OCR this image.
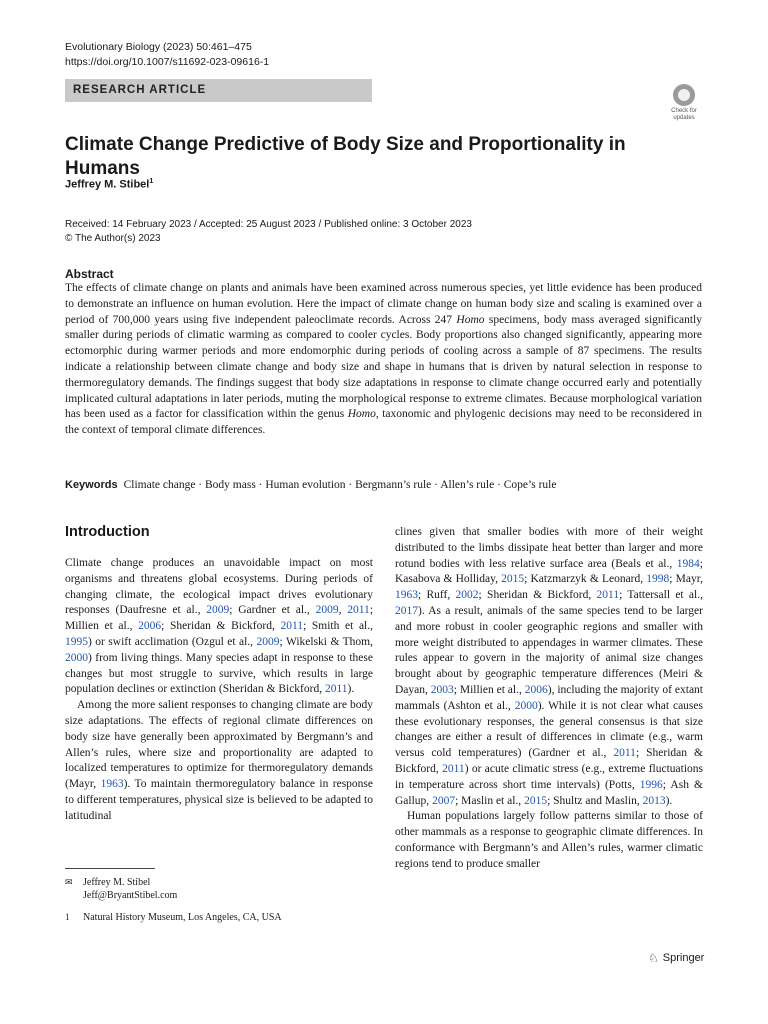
Evolutionary Biology (2023) 50:461–475
https://doi.org/10.1007/s11692-023-09616-1
RESEARCH ARTICLE
Check for
updates
Climate Change Predictive of Body Size and Proportionality in Humans
Jeffrey M. Stibel$^1$
Received: 14 February 2023 / Accepted: 25 August 2023 / Published online: 3 October 2023
© The Author(s) 2023
Abstract
The effects of climate change on plants and animals have been examined across numerous species, yet little evidence has been produced to demonstrate an influence on human evolution. Here the impact of climate change on human body size and scaling is examined over a period of 700,000 years using five independent paleoclimate records. Across 247 Homo specimens, body mass averaged significantly smaller during periods of climatic warming as compared to cooler cycles. Body proportions also changed significantly, appearing more ectomorphic during warmer periods and more endomorphic during periods of cooling across a sample of 87 specimens. The results indicate a relationship between climate change and body size and shape in humans that is driven by natural selection in response to thermoregulatory demands. The findings suggest that body size adaptations in response to climate change occurred early and potentially implicated cultural adaptations in later periods, muting the morphological response to extreme climates. Because morphological variation has been used as a factor for classification within the genus Homo, taxonomic and phylogenic decisions may need to be reconsidered in the context of temporal climate differences.
Keywords Climate change · Body mass · Human evolution · Bergmann’s rule · Allen’s rule · Cope’s rule
Introduction

Climate change produces an unavoidable impact on most organisms and threatens global ecosystems. During periods of changing climate, the ecological impact drives evolutionary responses (Daufresne et al., 2009; Gardner et al., 2009, 2011; Millien et al., 2006; Sheridan & Bickford, 2011; Smith et al., 1995) or swift acclimation (Ozgul et al., 2009; Wikelski & Thom, 2000) from living things. Many species adapt in response to these changes but most struggle to survive, which results in large population declines or extinction (Sheridan & Bickford, 2011).

Among the more salient responses to changing climate are body size adaptations. The effects of regional climate differences on body size have generally been approximated by Bergmann’s and Allen’s rules, where size and proportionality are adapted to localized temperatures to optimize for thermoregulatory demands (Mayr, 1963). To maintain thermoregulatory balance in response to different temperatures, physical size is believed to be adapted to latitudinal

clines given that smaller bodies with more of their weight distributed to the limbs dissipate heat better than larger and more rotund bodies with less relative surface area (Beals et al., 1984; Kasabova & Holliday, 2015; Katzmarzyk & Leonard, 1998; Mayr, 1963; Ruff, 2002; Sheridan & Bickford, 2011; Tattersall et al., 2017). As a result, animals of the same species tend to be larger and more robust in cooler geographic regions and smaller with more weight distributed to appendages in warmer climates. These rules appear to govern in the majority of animal size changes brought about by geographic temperature differences (Meiri & Dayan, 2003; Millien et al., 2006), including the majority of extant mammals (Ashton et al., 2000). While it is not clear what causes these evolutionary responses, the general consensus is that size changes are either a result of differences in climate (e.g., warm versus cold temperatures) (Gardner et al., 2011; Sheridan & Bickford, 2011) or acute climatic stress (e.g., extreme fluctuations in temperature across short time intervals) (Potts, 1996; Ash & Gallup, 2007; Maslin et al., 2015; Shultz and Maslin, 2013).

Human populations largely follow patterns similar to those of other mammals as a response to geographic climate differences. In conformance with Bergmann’s and Allen’s rules, warmer climatic regions tend to produce smaller

✉	Jeffrey M. Stibel
Jeff@BryantStibel.com
1	Natural History Museum, Los Angeles, CA, USA
♘ Springer
